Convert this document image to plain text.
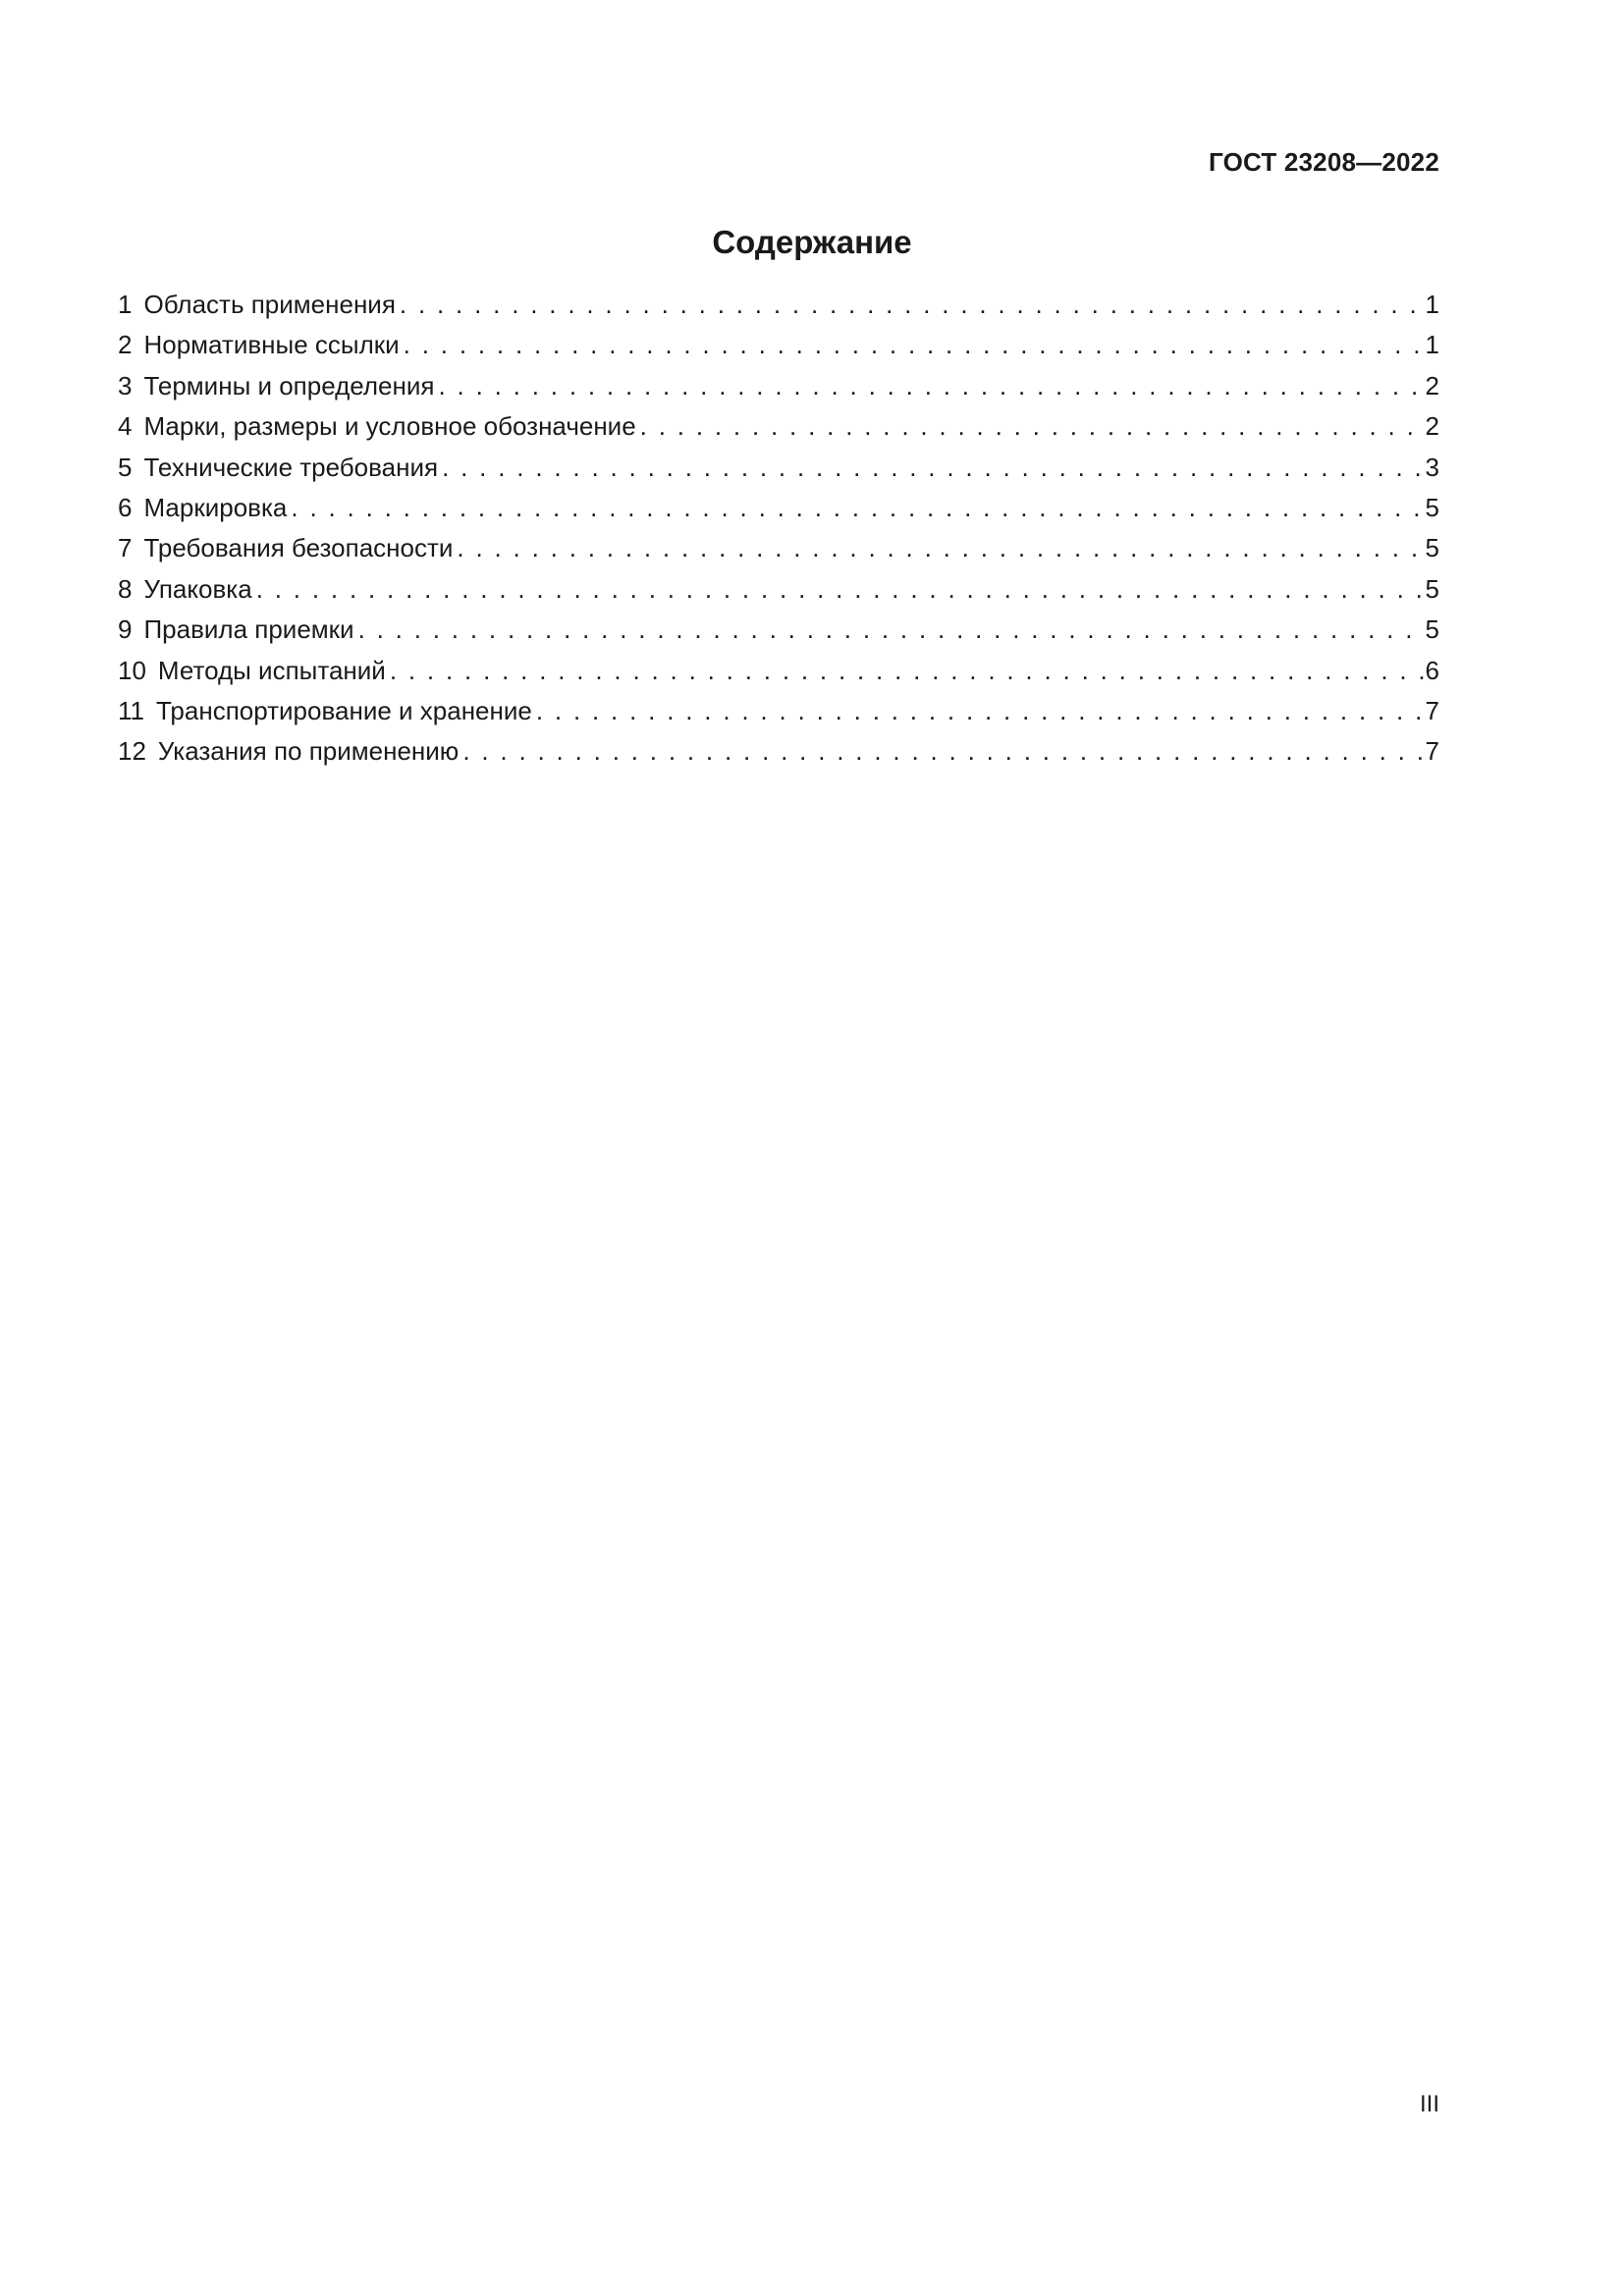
ГОСТ 23208—2022
Содержание
1 Область применения . . .	1
2 Нормативные ссылки . . .	1
3 Термины и определения . . .	2
4 Марки, размеры и условное обозначение . . .	2
5 Технические требования . . .	3
6 Маркировка . . .	5
7 Требования безопасности . . .	5
8 Упаковка . . .	5
9 Правила приемки . . .	5
10 Методы испытаний . . .	6
11 Транспортирование и хранение . . .	7
12 Указания по применению . . .	7
III
